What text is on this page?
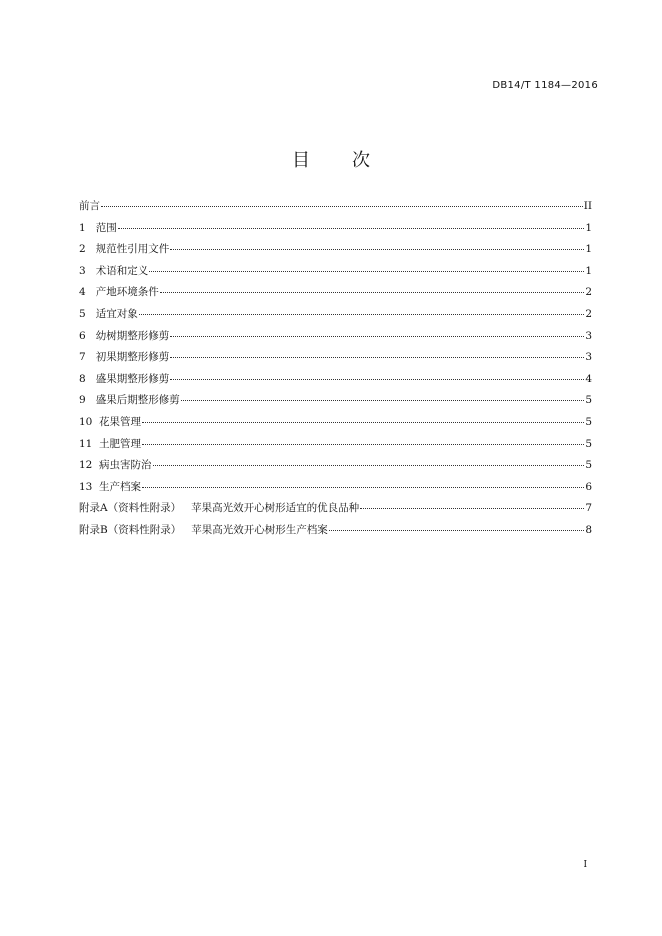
DB14/T 1184—2016
目 次
前言	II
1 范围	1
2 规范性引用文件	1
3 术语和定义	1
4 产地环境条件	2
5 适宜对象	2
6 幼树期整形修剪	3
7 初果期整形修剪	3
8 盛果期整形修剪	4
9 盛果后期整形修剪	5
10 花果管理	5
11 土肥管理	5
12 病虫害防治	5
13 生产档案	6
附录A（资料性附录） 苹果高光效开心树形适宜的优良品种	7
附录B（资料性附录） 苹果高光效开心树形生产档案	8
I
